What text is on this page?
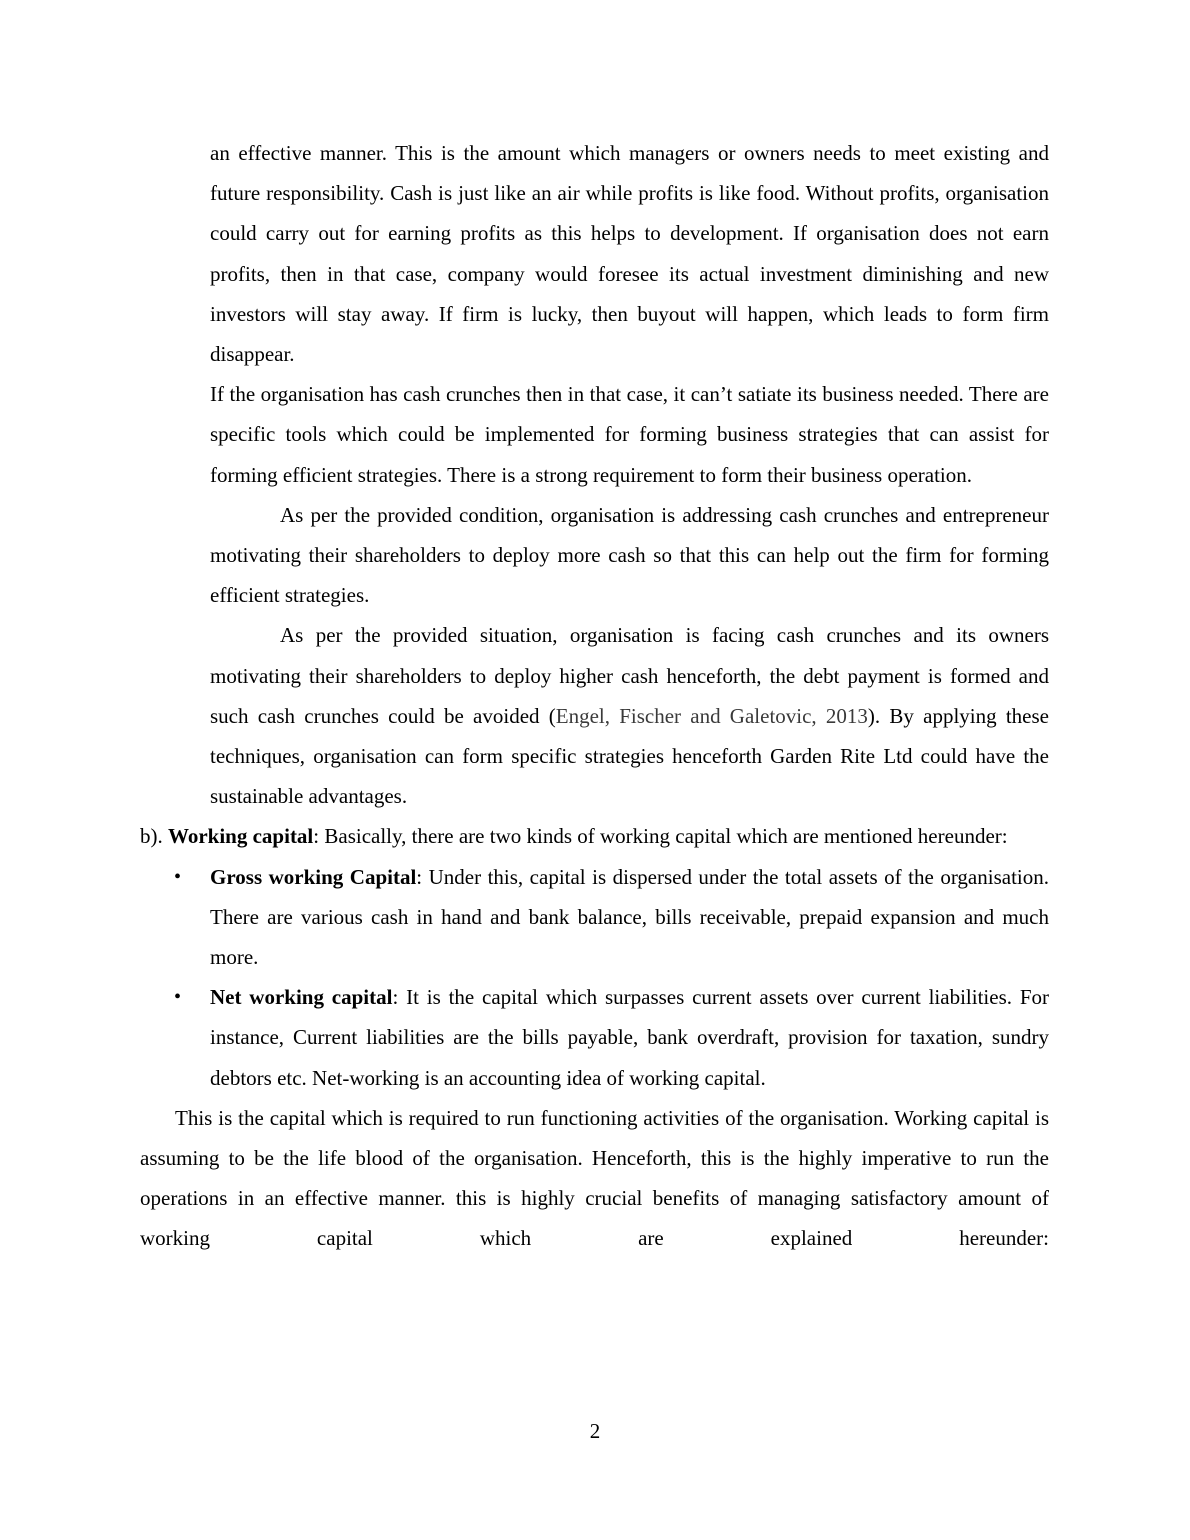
an effective manner. This is the amount which managers or owners needs to meet existing and future responsibility. Cash is just like an air while profits is like food. Without profits, organisation could carry out for earning profits as this helps to development. If organisation does not earn profits, then in that case, company would foresee its actual investment diminishing and new investors will stay away. If firm is lucky, then buyout will happen, which leads to form firm disappear.

If the organisation has cash crunches then in that case, it can’t satiate its business needed. There are specific tools which could be implemented for forming business strategies that can assist for forming efficient strategies. There is a strong requirement to form their business operation.

As per the provided condition, organisation is addressing cash crunches and entrepreneur motivating their shareholders to deploy more cash so that this can help out the firm for forming efficient strategies.

As per the provided situation, organisation is facing cash crunches and its owners motivating their shareholders to deploy higher cash henceforth, the debt payment is formed and such cash crunches could be avoided (Engel, Fischer and Galetovic, 2013). By applying these techniques, organisation can form specific strategies henceforth Garden Rite Ltd could have the sustainable advantages.

b). Working capital: Basically, there are two kinds of working capital which are mentioned hereunder:

• Gross working Capital: Under this, capital is dispersed under the total assets of the organisation. There are various cash in hand and bank balance, bills receivable, prepaid expansion and much more.
• Net working capital: It is the capital which surpasses current assets over current liabilities. For instance, Current liabilities are the bills payable, bank overdraft, provision for taxation, sundry debtors etc. Net-working is an accounting idea of working capital.

This is the capital which is required to run functioning activities of the organisation. Working capital is assuming to be the life blood of the organisation. Henceforth, this is the highly imperative to run the operations in an effective manner. this is highly crucial benefits of managing satisfactory amount of working capital which are explained hereunder:

2
